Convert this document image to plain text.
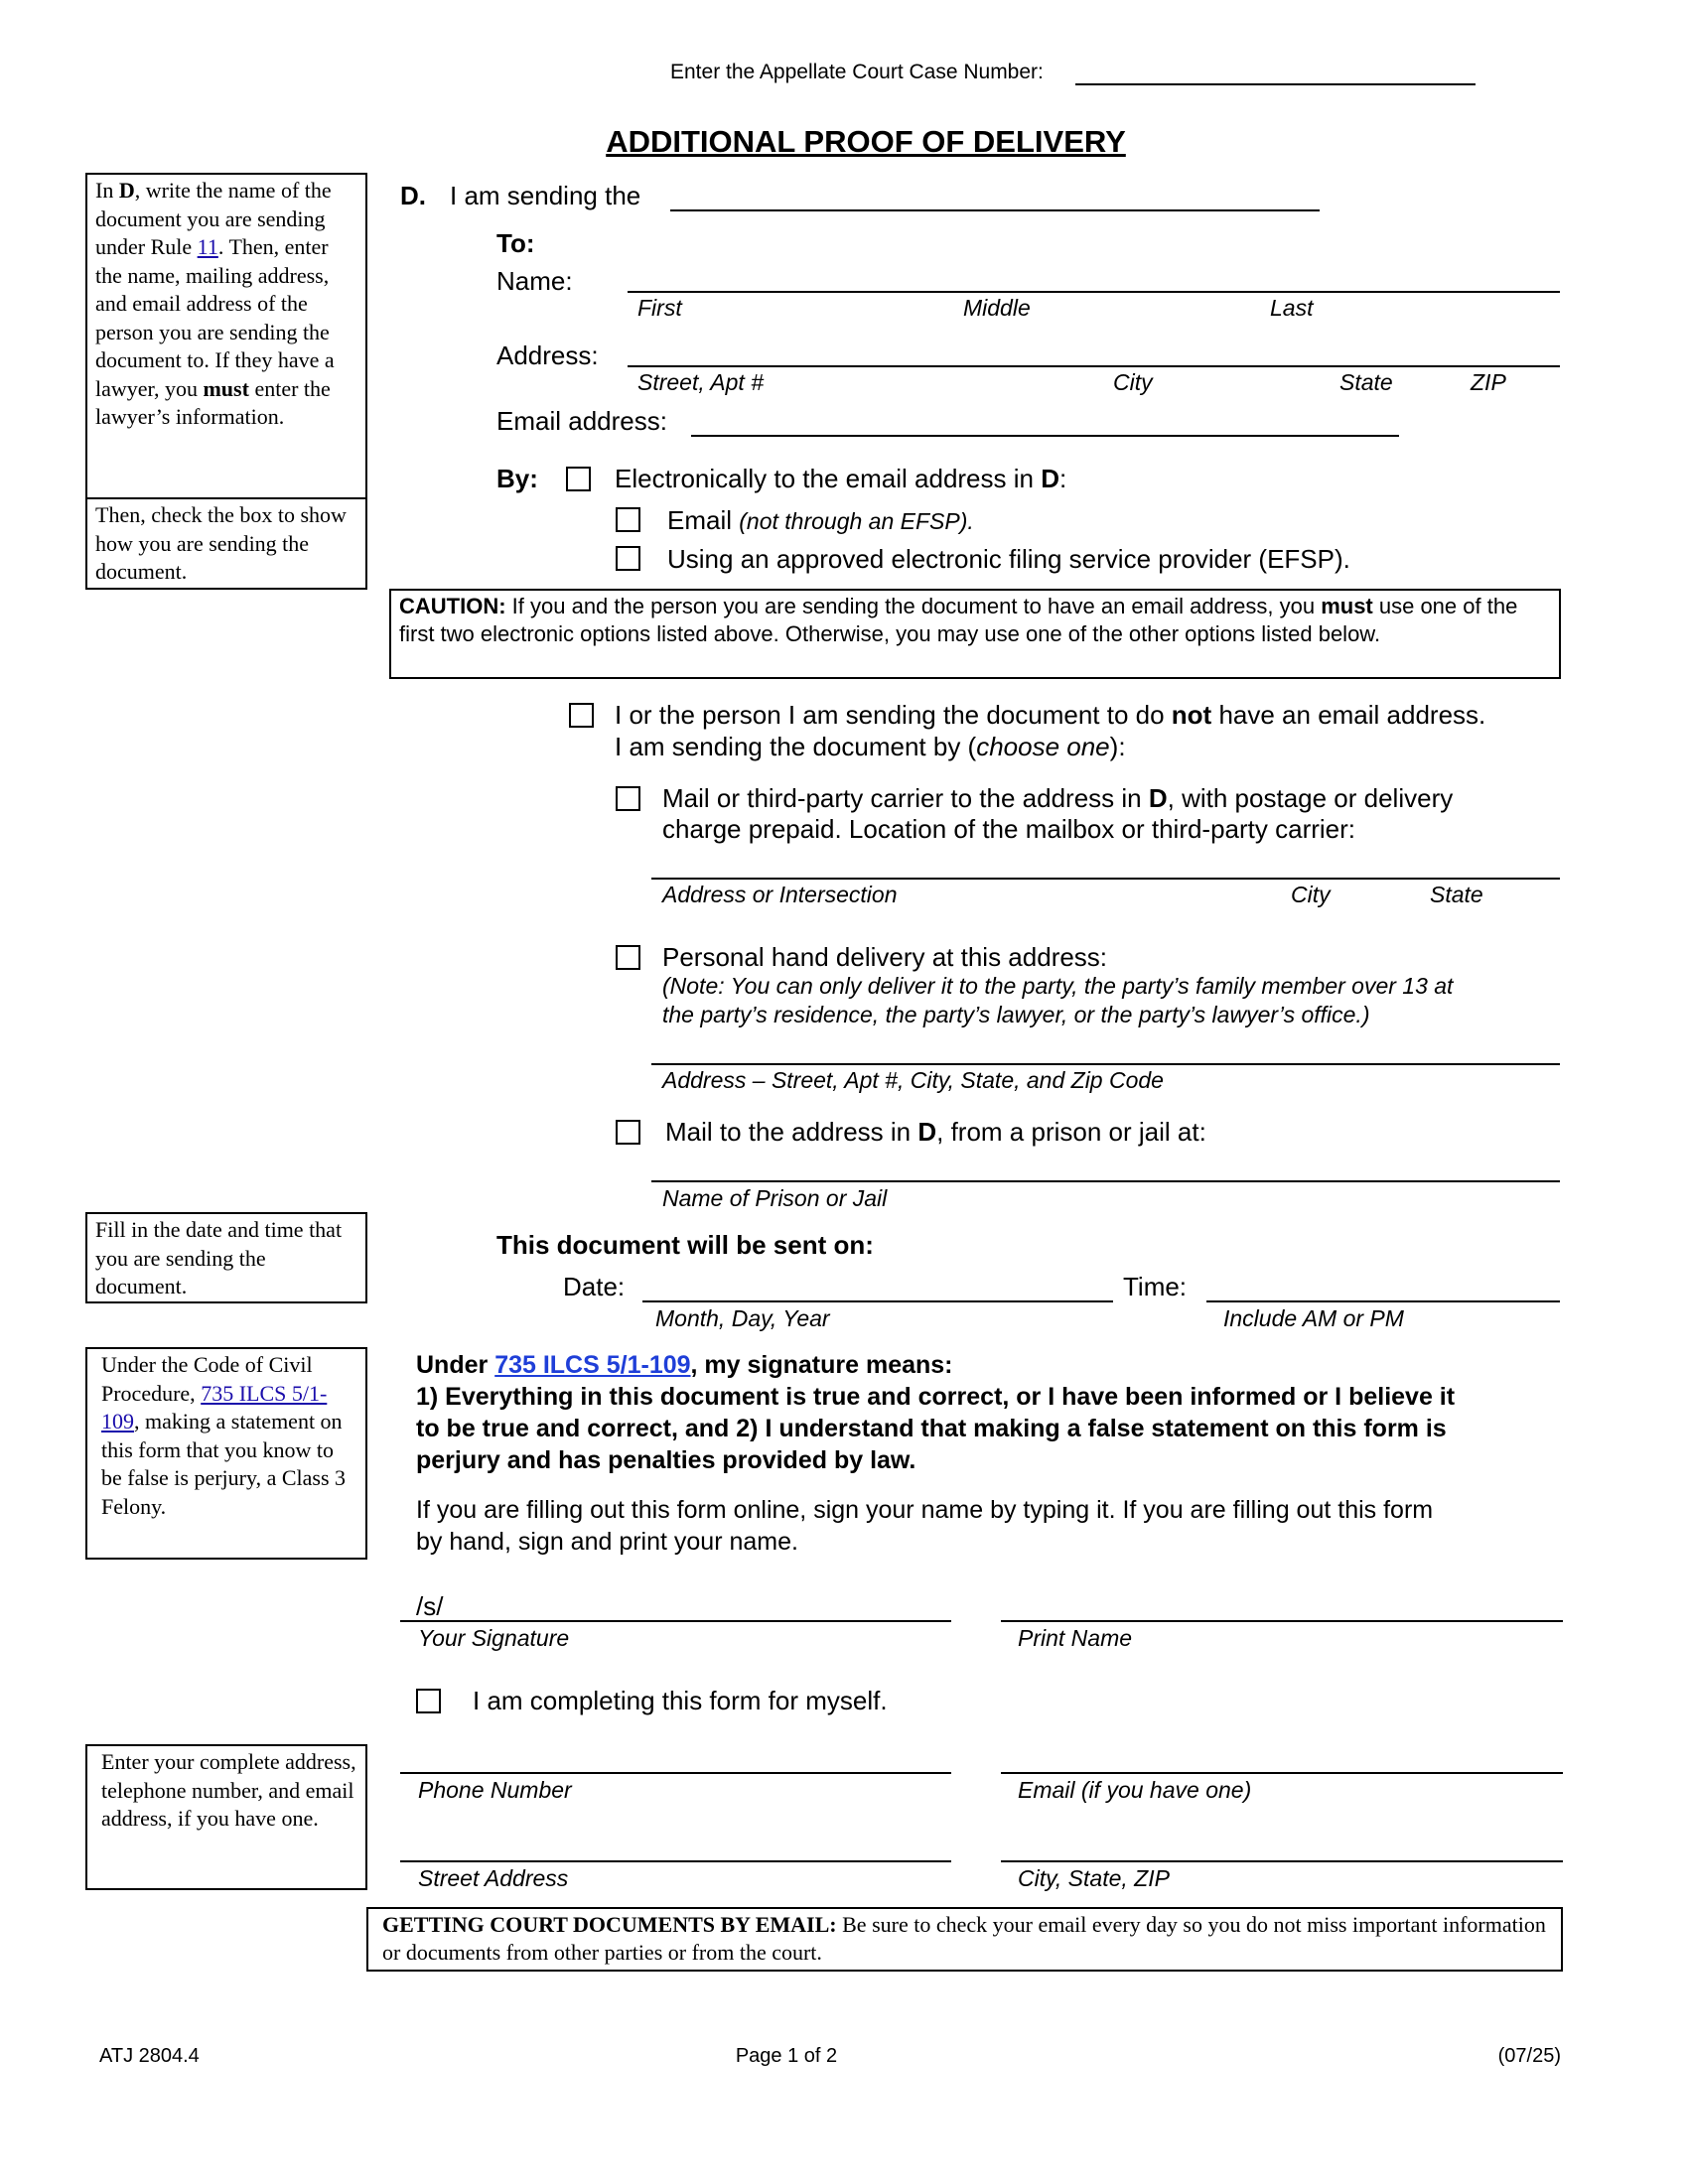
Enter the Appellate Court Case Number:
ADDITIONAL PROOF OF DELIVERY
In D, write the name of the document you are sending under Rule 11. Then, enter the name, mailing address, and email address of the person you are sending the document to. If they have a lawyer, you must enter the lawyer’s information.
Then, check the box to show how you are sending the document.
Fill in the date and time that you are sending the document.
Under the Code of Civil Procedure, 735 ILCS 5/1-109, making a statement on this form that you know to be false is perjury, a Class 3 Felony.
Enter your complete address, telephone number, and email address, if you have one.
D. I am sending the
To:
Name:
First	Middle	Last
Address:
Street, Apt #	City	State	ZIP
Email address:
By:	Electronically to the email address in D:
Email (not through an EFSP).
Using an approved electronic filing service provider (EFSP).
CAUTION: If you and the person you are sending the document to have an email address, you must use one of the first two electronic options listed above. Otherwise, you may use one of the other options listed below.
I or the person I am sending the document to do not have an email address.
I am sending the document by (choose one):
Mail or third-party carrier to the address in D, with postage or delivery
charge prepaid. Location of the mailbox or third-party carrier:
Address or Intersection	City	State
Personal hand delivery at this address:
(Note: You can only deliver it to the party, the party’s family member over 13 at
the party’s residence, the party’s lawyer, or the party’s lawyer’s office.)
Address – Street, Apt #, City, State, and Zip Code
Mail to the address in D, from a prison or jail at:
Name of Prison or Jail
This document will be sent on:
Date:
Month, Day, Year
Time:
Include AM or PM
Under 735 ILCS 5/1-109, my signature means:
1) Everything in this document is true and correct, or I have been informed or I believe it
to be true and correct, and 2) I understand that making a false statement on this form is
perjury and has penalties provided by law.
If you are filling out this form online, sign your name by typing it. If you are filling out this form
by hand, sign and print your name.
/s/
Your Signature	Print Name
I am completing this form for myself.
Phone Number	Email (if you have one)
Street Address	City, State, ZIP
GETTING COURT DOCUMENTS BY EMAIL: Be sure to check your email every day so you do not miss important information or documents from other parties or from the court.
ATJ 2804.4	Page 1 of 2	(07/25)
